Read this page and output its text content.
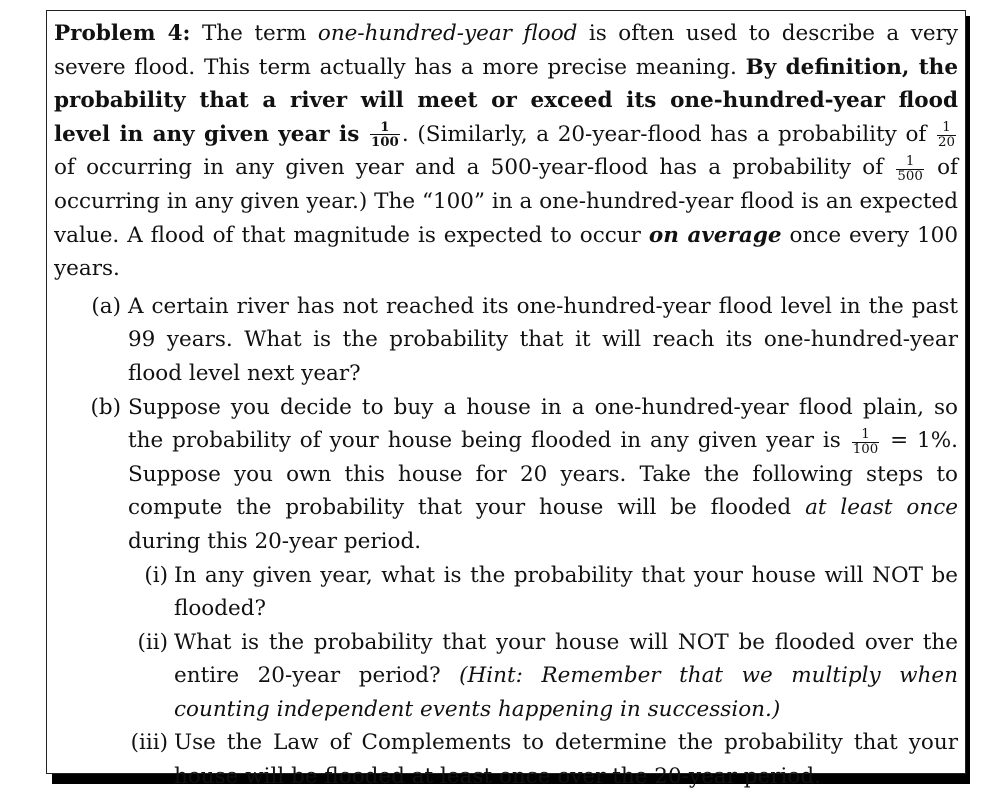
Problem 4: The term one-hundred-year flood is often used to describe a very severe flood. This term actually has a more precise meaning. By definition, the probability that a river will meet or exceed its one-hundred-year flood level in any given year is $\frac{1}{100}$ . (Similarly, a 20-year-flood has a probability of $\frac{1}{20}$
of occurring in any given year and a 500-year-flood has a probability of $\frac{1}{500}$ of occurring in any given year.) The “100” in a one-hundred-year flood is an expected value. A flood of that magnitude is expected to occur on average once every 100 years.

(a) A certain river has not reached its one-hundred-year flood level in the past 99 years. What is the probability that it will reach its one-hundred-year flood level next year?
(b) Suppose you decide to buy a house in a one-hundred-year flood plain, so the probability of your house being flooded in any given year is $\frac{1}{100} = 1\%$. Suppose you own this house for 20 years. Take the following steps to compute the probability that your house will be flooded at least once during this 20-year period.
(i) In any given year, what is the probability that your house will NOT be flooded?
(ii) What is the probability that your house will NOT be flooded over the entire 20-year period? (Hint: Remember that we multiply when counting independent events happening in succession.)
(iii) Use the Law of Complements to determine the probability that your house will be flooded at least once over the 20-year period.
